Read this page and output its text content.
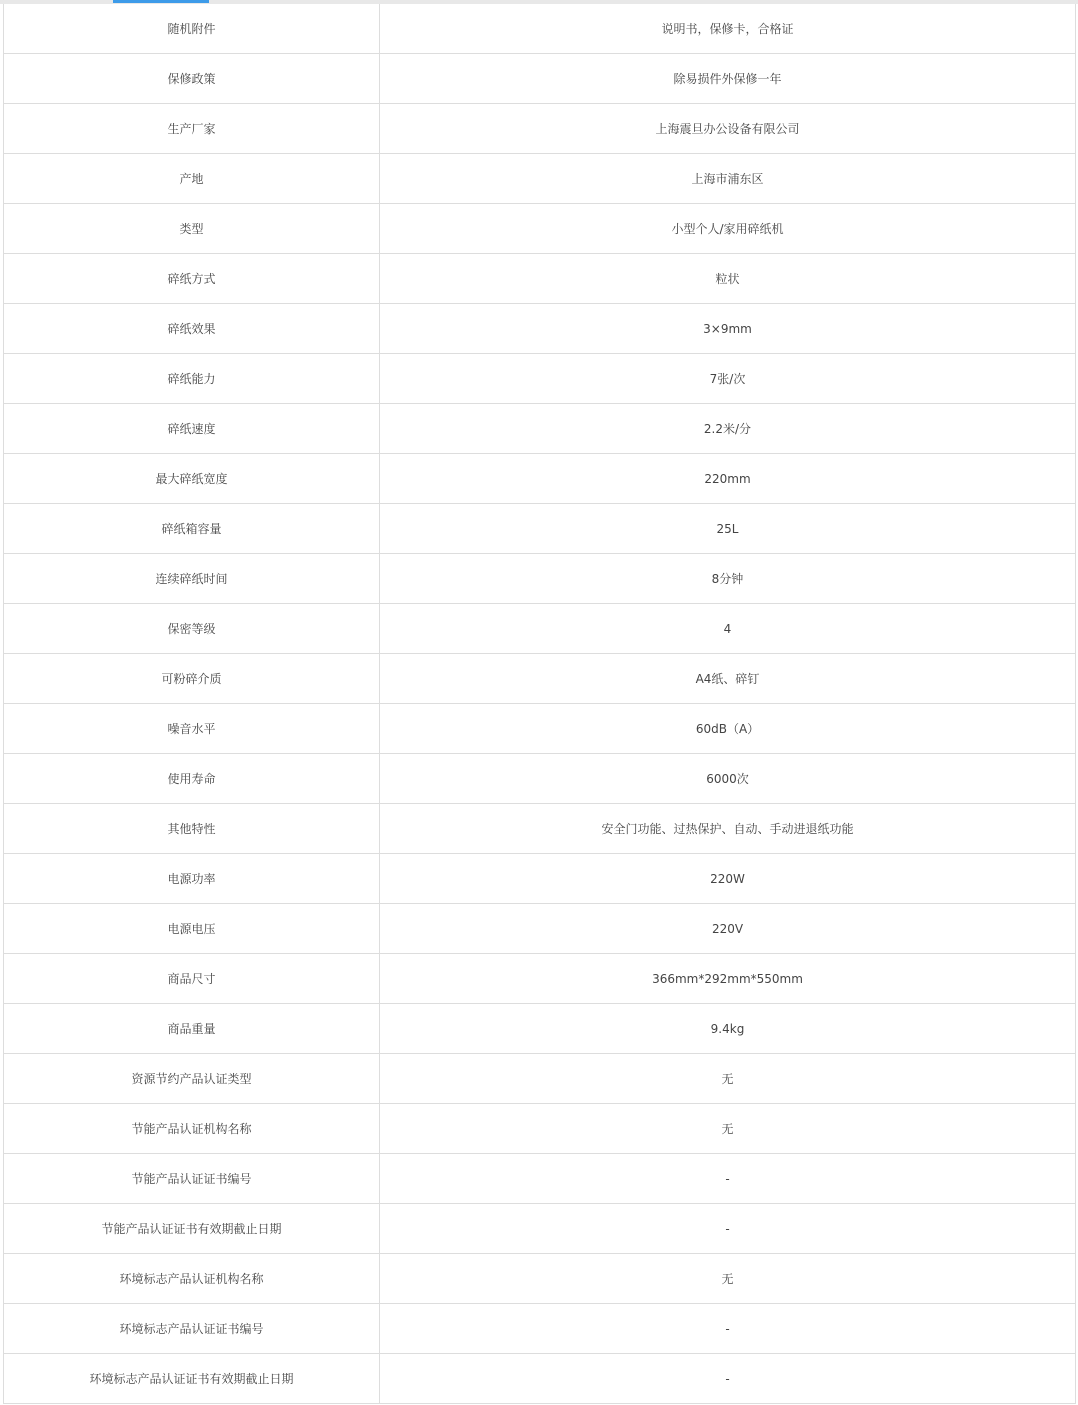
随机附件	说明书，保修卡，合格证
保修政策	除易损件外保修一年
生产厂家	上海震旦办公设备有限公司
产地	上海市浦东区
类型	小型个人/家用碎纸机
碎纸方式	粒状
碎纸效果	3×9mm
碎纸能力	7张/次
碎纸速度	2.2米/分
最大碎纸宽度	220mm
碎纸箱容量	25L
连续碎纸时间	8分钟
保密等级	4
可粉碎介质	A4纸、碎钉
噪音水平	60dB（A）
使用寿命	6000次
其他特性	安全门功能、过热保护、自动、手动进退纸功能
电源功率	220W
电源电压	220V
商品尺寸	366mm*292mm*550mm
商品重量	9.4kg
资源节约产品认证类型	无
节能产品认证机构名称	无
节能产品认证证书编号	-
节能产品认证证书有效期截止日期	-
环境标志产品认证机构名称	无
环境标志产品认证证书编号	-
环境标志产品认证证书有效期截止日期	-
